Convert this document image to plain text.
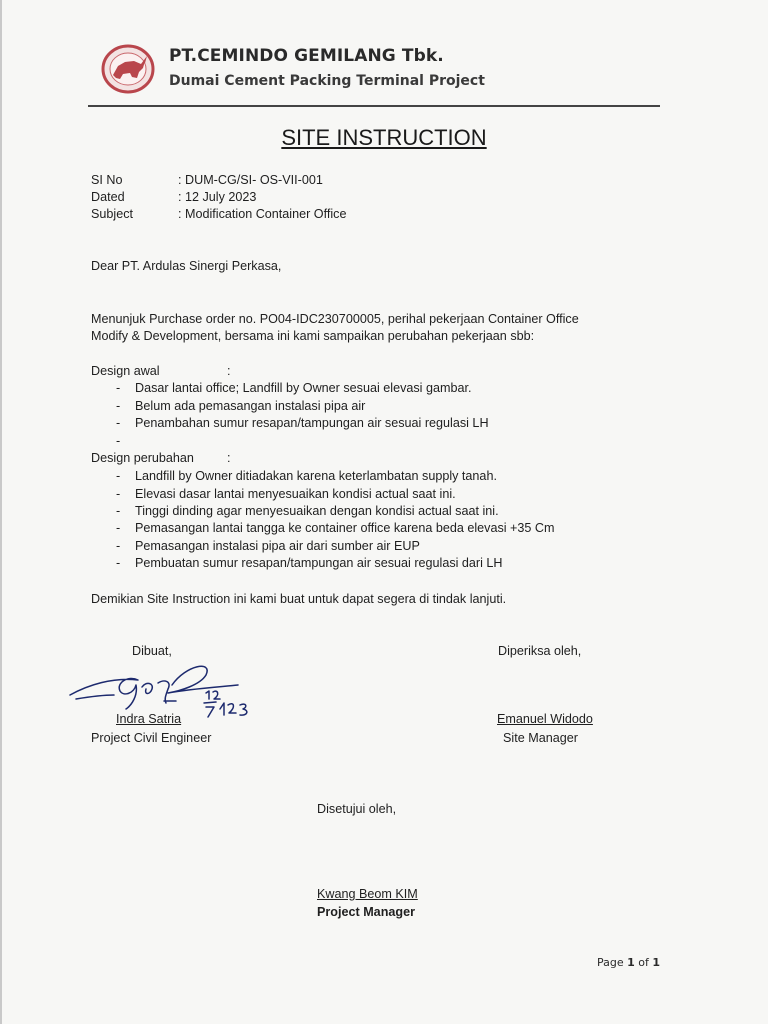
PT.CEMINDO GEMILANG Tbk.
Dumai Cement Packing Terminal Project
SITE INSTRUCTION
SI No	: DUM-CG/SI- OS-VII-001
Dated	: 12 July 2023
Subject	: Modification Container Office
Dear PT. Ardulas Sinergi Perkasa,
Menunjuk Purchase order no. PO04-IDC230700005, perihal pekerjaan Container Office
Modify & Development, bersama ini kami sampaikan perubahan pekerjaan sbb:
Design awal	:
- Dasar lantai office; Landfill by Owner sesuai elevasi gambar.
- Belum ada pemasangan instalasi pipa air
- Penambahan sumur resapan/tampungan air sesuai regulasi LH
-
Design perubahan	:
- Landfill by Owner ditiadakan karena keterlambatan supply tanah.
- Elevasi dasar lantai menyesuaikan kondisi actual saat ini.
- Tinggi dinding agar menyesuaikan dengan kondisi actual saat ini.
- Pemasangan lantai tangga ke container office karena beda elevasi +35 Cm
- Pemasangan instalasi pipa air dari sumber air EUP
- Pembuatan sumur resapan/tampungan air sesuai regulasi dari LH
Demikian Site Instruction ini kami buat untuk dapat segera di tindak lanjuti.
Dibuat,	Diperiksa oleh,
Indra Satria
Project Civil Engineer
Emanuel Widodo
Site Manager
Disetujui oleh,
Kwang Beom KIM
Project Manager
Page 1 of 1
